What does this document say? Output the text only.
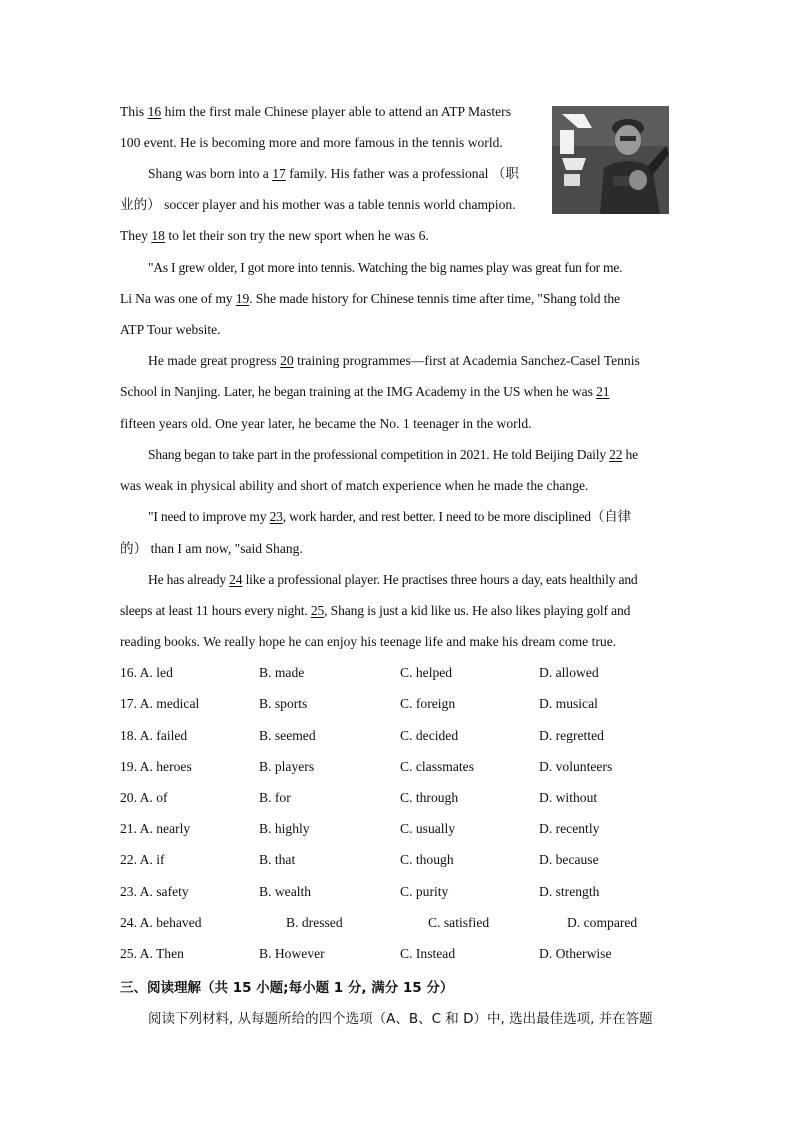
This 16 him the first male Chinese player able to attend an ATP Masters
100 event. He is becoming more and more famous in the tennis world.
Shang was born into a 17 family. His father was a professional （职
业的） soccer player and his mother was a table tennis world champion.
They 18 to let their son try the new sport when he was 6.
"As I grew older, I got more into tennis. Watching the big names play was great fun for me.
Li Na was one of my 19. She made history for Chinese tennis time after time, "Shang told the
ATP Tour website.
He made great progress 20 training programmes—first at Academia Sanchez-Casel Tennis
School in Nanjing. Later, he began training at the IMG Academy in the US when he was 21
fifteen years old. One year later, he became the No. 1 teenager in the world.
Shang began to take part in the professional competition in 2021. He told Beijing Daily 22 he
was weak in physical ability and short of match experience when he made the change.
"I need to improve my 23, work harder, and rest better. I need to be more disciplined（自律
的） than I am now, "said Shang.
He has already 24 like a professional player. He practises three hours a day, eats healthily and
sleeps at least 11 hours every night. 25, Shang is just a kid like us. He also likes playing golf and
reading books. We really hope he can enjoy his teenage life and make his dream come true.
16. A. led	B. made	C. helped	D. allowed
17. A. medical	B. sports	C. foreign	D. musical
18. A. failed	B. seemed	C. decided	D. regretted
19. A. heroes	B. players	C. classmates	D. volunteers
20. A. of	B. for	C. through	D. without
21. A. nearly	B. highly	C. usually	D. recently
22. A. if	B. that	C. though	D. because
23. A. safety	B. wealth	C. purity	D. strength
24. A. behaved	B. dressed	C. satisfied	D. compared
25. A. Then	B. However	C. Instead	D. Otherwise
三、阅读理解（共 15 小题;每小题 1 分, 满分 15 分）
阅读下列材料, 从每题所给的四个选项（A、B、C 和 D）中, 选出最佳选项, 并在答题
